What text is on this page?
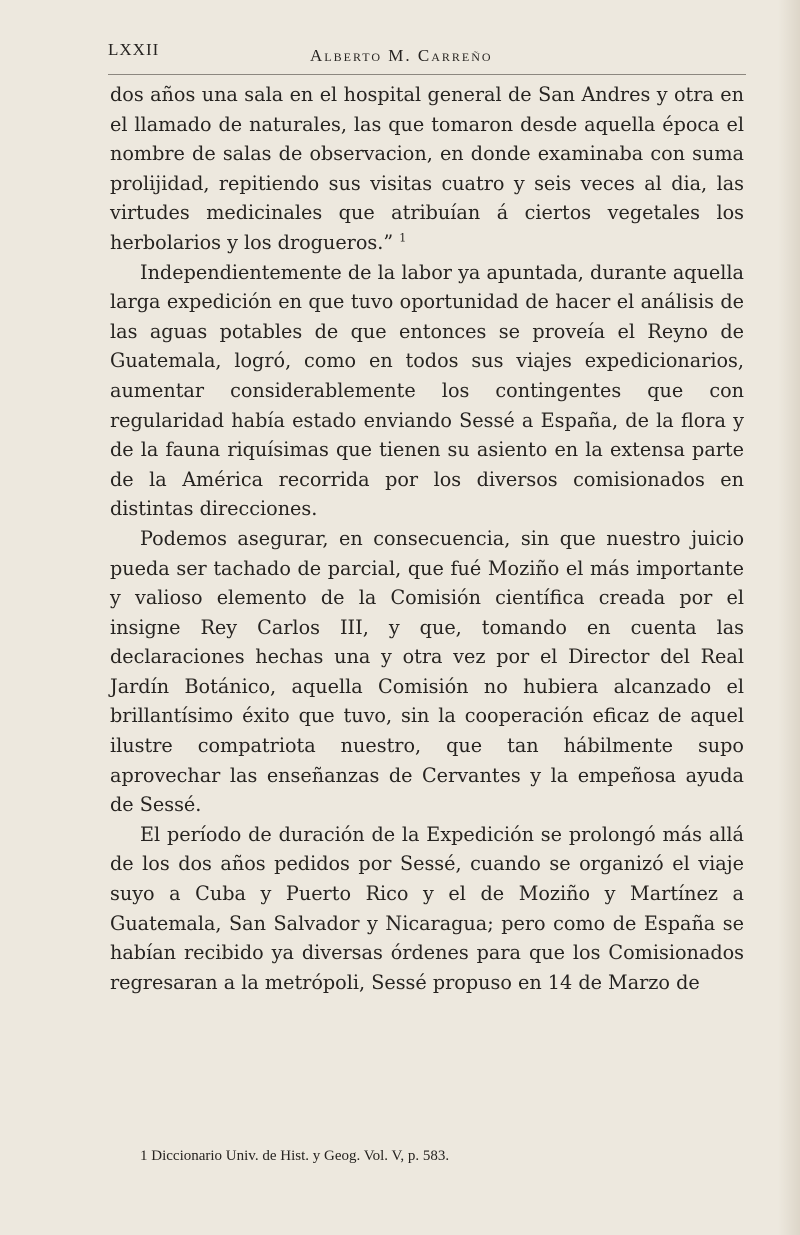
LXXII	Alberto M. Carreño

dos años una sala en el hospital general de San Andres y otra en el llamado de naturales, las que tomaron desde aquella época el nombre de salas de observacion, en donde examinaba con suma prolijidad, repitiendo sus visitas cuatro y seis veces al dia, las virtudes medicinales que atribuían á ciertos vegetales los herbolarios y los drogueros.” $^1$

Independientemente de la labor ya apuntada, durante aquella larga expedición en que tuvo oportunidad de hacer el análisis de las aguas potables de que entonces se proveía el Reyno de Guatemala, logró, como en todos sus viajes expedicionarios, aumentar considerablemente los contingentes que con regularidad había estado enviando Sessé a España, de la flora y de la fauna riquísimas que tienen su asiento en la extensa parte de la América recorrida por los diversos comisionados en distintas direcciones.

Podemos asegurar, en consecuencia, sin que nuestro juicio pueda ser tachado de parcial, que fué Moziño el más importante y valioso elemento de la Comisión científica creada por el insigne Rey Carlos III, y que, tomando en cuenta las declaraciones hechas una y otra vez por el Director del Real Jardín Botánico, aquella Comisión no hubiera alcanzado el brillantísimo éxito que tuvo, sin la cooperación eficaz de aquel ilustre compatriota nuestro, que tan hábilmente supo aprovechar las enseñanzas de Cervantes y la empeñosa ayuda de Sessé.

El período de duración de la Expedición se prolongó más allá de los dos años pedidos por Sessé, cuando se organizó el viaje suyo a Cuba y Puerto Rico y el de Moziño y Martínez a Guatemala, San Salvador y Nicaragua; pero como de España se habían recibido ya diversas órdenes para que los Comisionados regresaran a la metrópoli, Sessé propuso en 14 de Marzo de

1 Diccionario Univ. de Hist. y Geog. Vol. V, p. 583.
